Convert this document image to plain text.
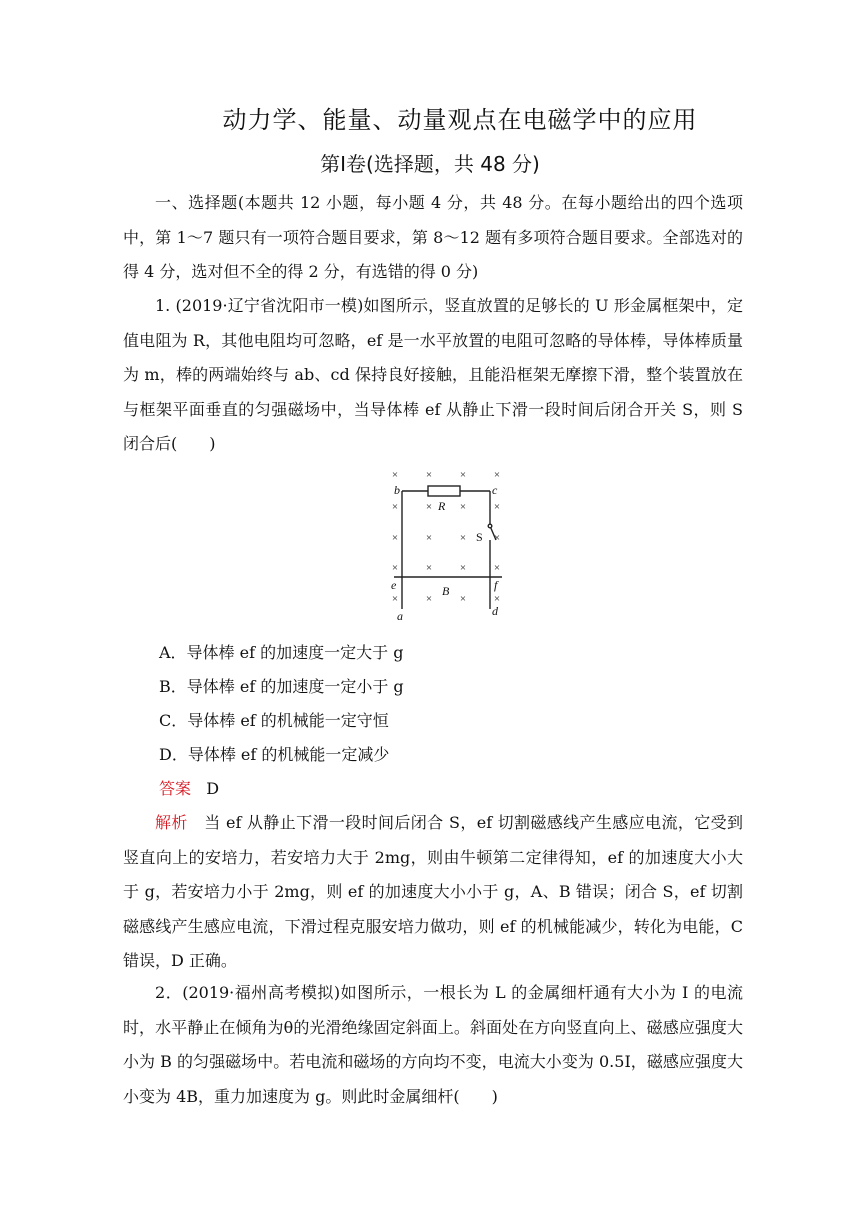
动力学、能量、动量观点在电磁学中的应用
第Ⅰ卷(选择题，共 48 分)
一、选择题(本题共 12 小题，每小题 4 分，共 48 分。在每小题给出的四个选项中，第 1～7 题只有一项符合题目要求，第 8～12 题有多项符合题目要求。全部选对的得 4 分，选对但不全的得 2 分，有选错的得 0 分)
1. (2019·辽宁省沈阳市一模)如图所示，竖直放置的足够长的 U 形金属框架中，定值电阻为 R，其他电阻均可忽略，ef 是一水平放置的电阻可忽略的导体棒，导体棒质量为 m，棒的两端始终与 ab、cd 保持良好接触，且能沿框架无摩擦下滑，整个装置放在与框架平面垂直的匀强磁场中，当导体棒 ef 从静止下滑一段时间后闭合开关 S，则 S 闭合后(　　)
×	×	×	×
×	×	×	×
×	×	×	×
×	×	×	×
×	×	×	×
b	c
R
S
e	f
B
a	d
A．导体棒 ef 的加速度一定大于 g
B．导体棒 ef 的加速度一定小于 g
C．导体棒 ef 的机械能一定守恒
D．导体棒 ef 的机械能一定减少
答案 D
解析 当 ef 从静止下滑一段时间后闭合 S，ef 切割磁感线产生感应电流，它受到竖直向上的安培力，若安培力大于 2mg，则由牛顿第二定律得知，ef 的加速度大小大于 g，若安培力小于 2mg，则 ef 的加速度大小小于 g，A、B 错误；闭合 S，ef 切割磁感线产生感应电流，下滑过程克服安培力做功，则 ef 的机械能减少，转化为电能，C 错误，D 正确。
2．(2019·福州高考模拟)如图所示，一根长为 L 的金属细杆通有大小为 I 的电流时，水平静止在倾角为θ的光滑绝缘固定斜面上。斜面处在方向竖直向上、磁感应强度大小为 B 的匀强磁场中。若电流和磁场的方向均不变，电流大小变为 0.5I，磁感应强度大小变为 4B，重力加速度为 g。则此时金属细杆(　　)
